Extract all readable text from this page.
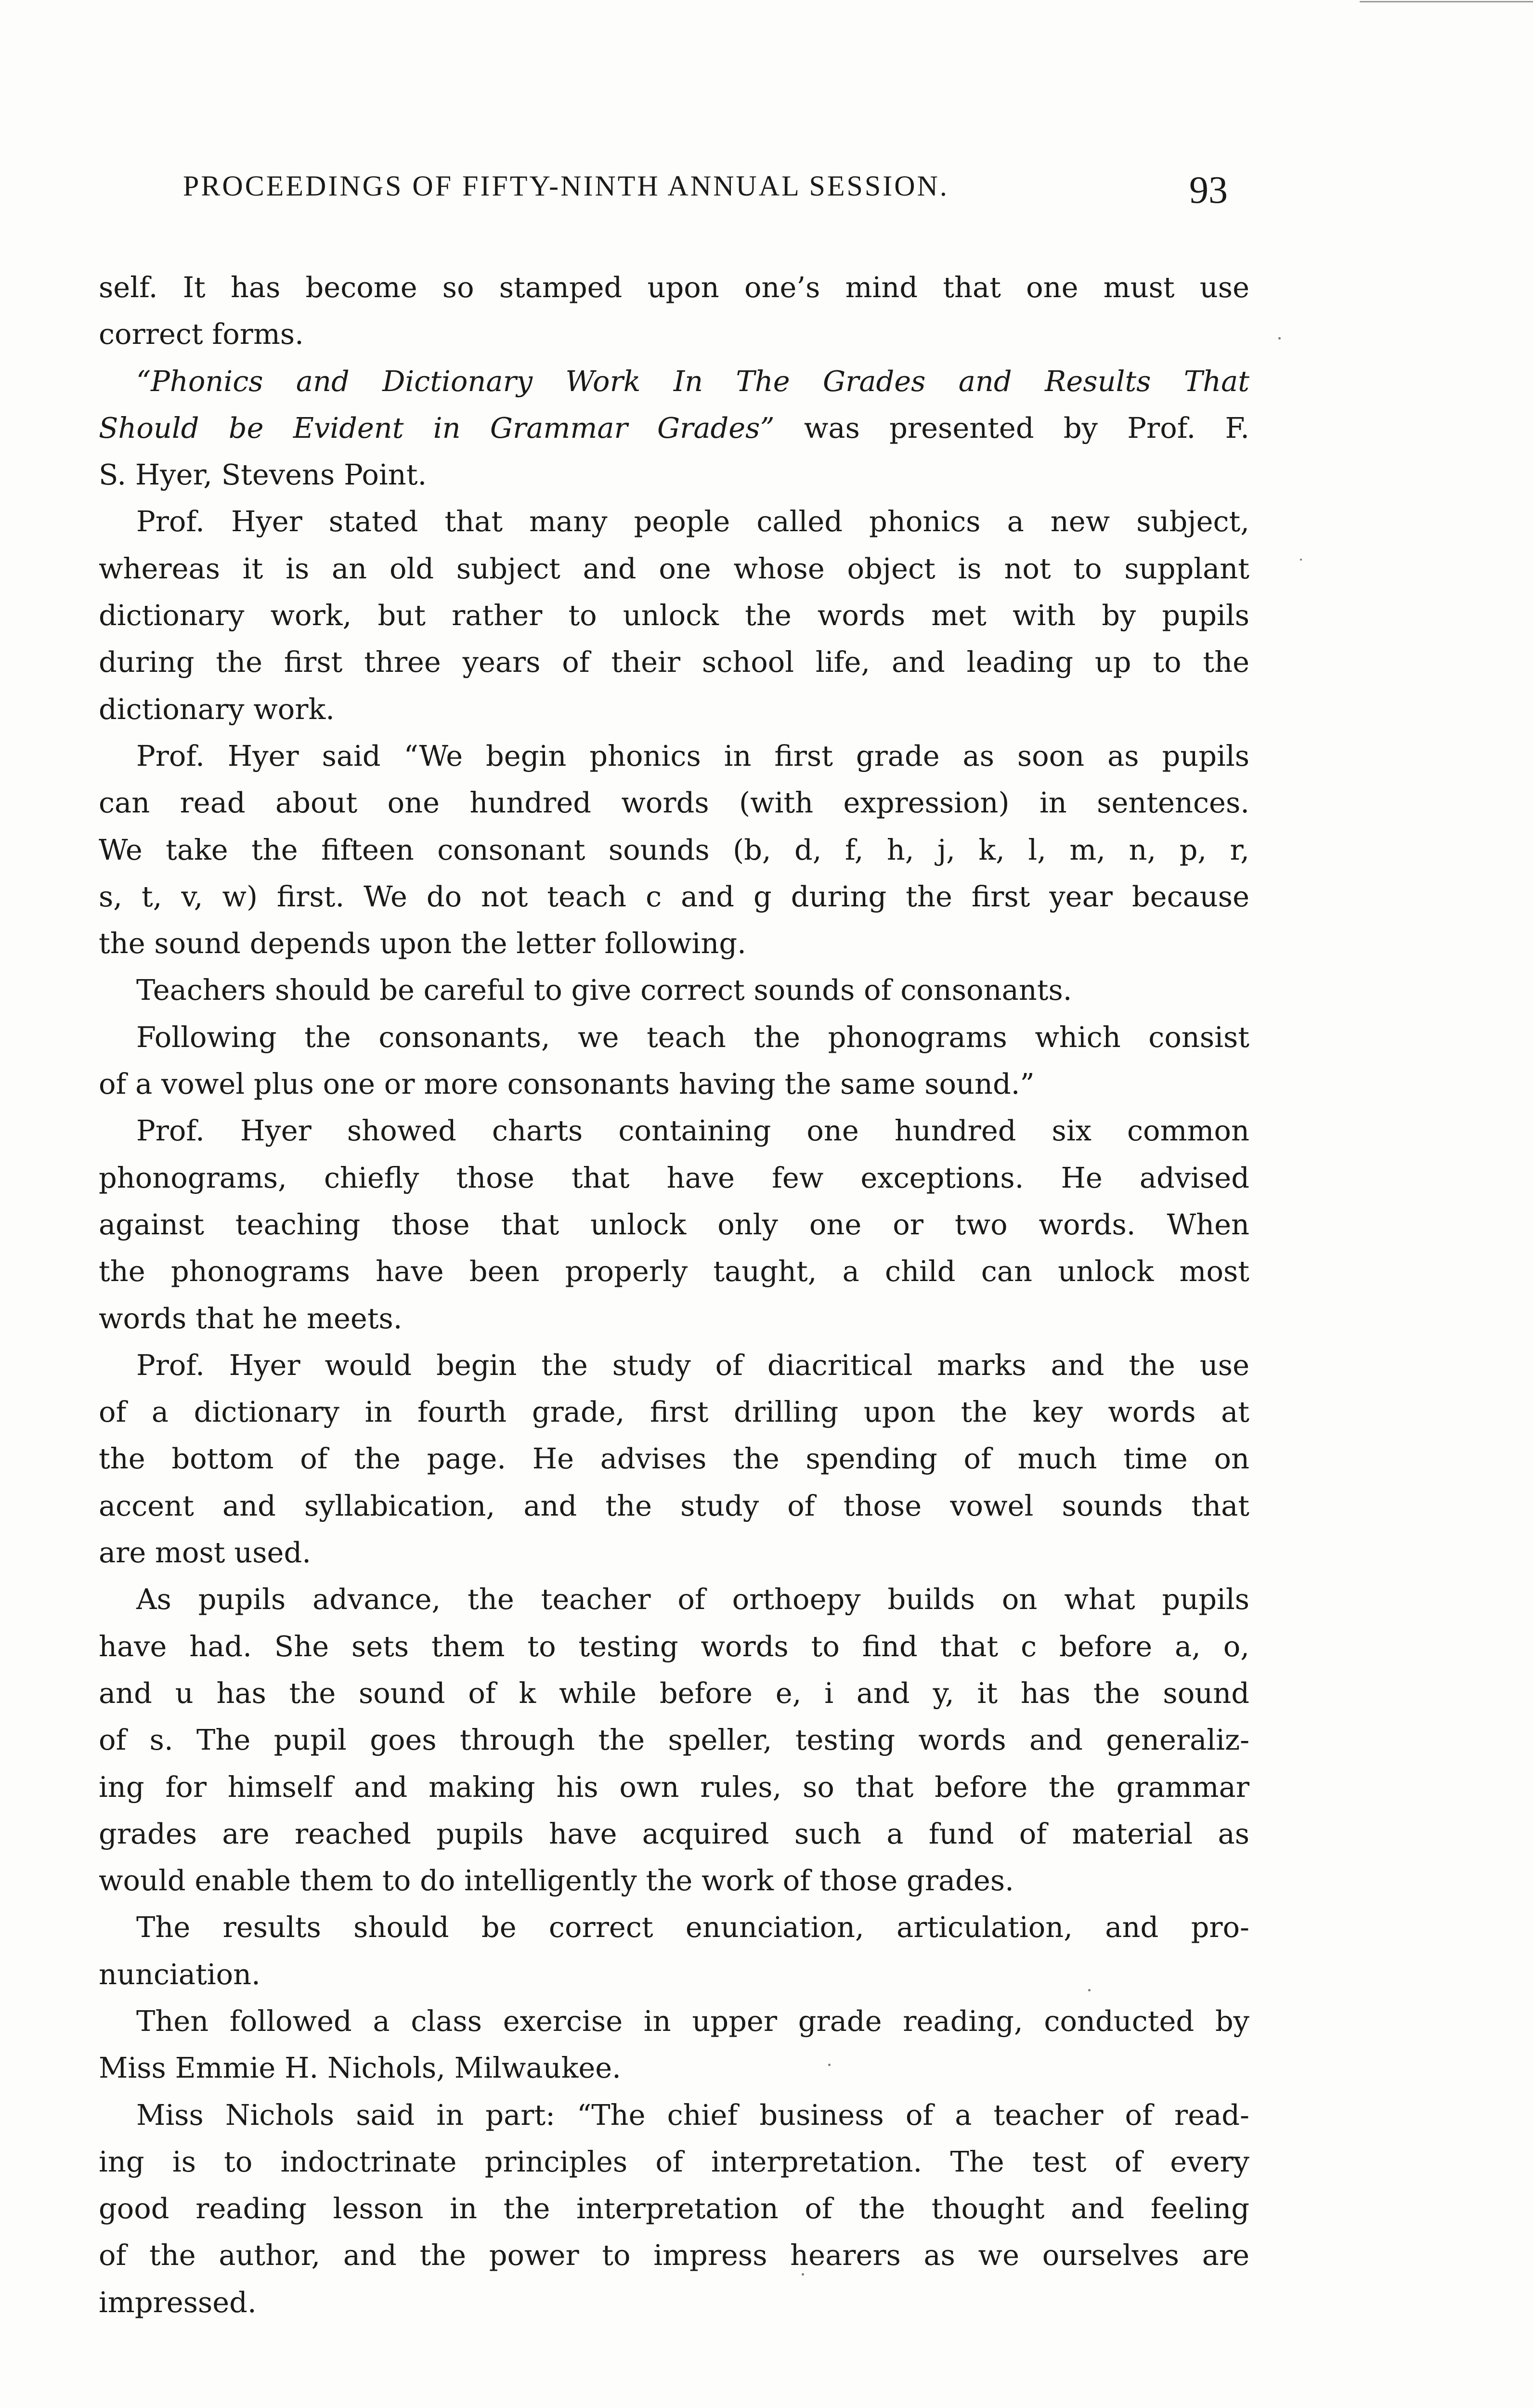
PROCEEDINGS OF FIFTY-NINTH ANNUAL SESSION.	93
self. It has become so stamped upon one’s mind that one must use
correct forms.
“Phonics and Dictionary Work In The Grades and Results That
Should be Evident in Grammar Grades” was presented by Prof. F.
S. Hyer, Stevens Point.
Prof. Hyer stated that many people called phonics a new subject,
whereas it is an old subject and one whose object is not to supplant
dictionary work, but rather to unlock the words met with by pupils
during the first three years of their school life, and leading up to the
dictionary work.
Prof. Hyer said “We begin phonics in first grade as soon as pupils
can read about one hundred words (with expression) in sentences.
We take the fifteen consonant sounds (b, d, f, h, j, k, l, m, n, p, r,
s, t, v, w) first. We do not teach c and g during the first year because
the sound depends upon the letter following.
Teachers should be careful to give correct sounds of consonants.
Following the consonants, we teach the phonograms which consist
of a vowel plus one or more consonants having the same sound.”
Prof. Hyer showed charts containing one hundred six common
phonograms, chiefly those that have few exceptions. He advised
against teaching those that unlock only one or two words. When
the phonograms have been properly taught, a child can unlock most
words that he meets.
Prof. Hyer would begin the study of diacritical marks and the use
of a dictionary in fourth grade, first drilling upon the key words at
the bottom of the page. He advises the spending of much time on
accent and syllabication, and the study of those vowel sounds that
are most used.
As pupils advance, the teacher of orthoepy builds on what pupils
have had. She sets them to testing words to find that c before a, o,
and u has the sound of k while before e, i and y, it has the sound
of s. The pupil goes through the speller, testing words and generaliz-
ing for himself and making his own rules, so that before the grammar
grades are reached pupils have acquired such a fund of material as
would enable them to do intelligently the work of those grades.
The results should be correct enunciation, articulation, and pro-
nunciation.
Then followed a class exercise in upper grade reading, conducted by
Miss Emmie H. Nichols, Milwaukee.
Miss Nichols said in part: “The chief business of a teacher of read-
ing is to indoctrinate principles of interpretation. The test of every
good reading lesson in the interpretation of the thought and feeling
of the author, and the power to impress hearers as we ourselves are
impressed.
